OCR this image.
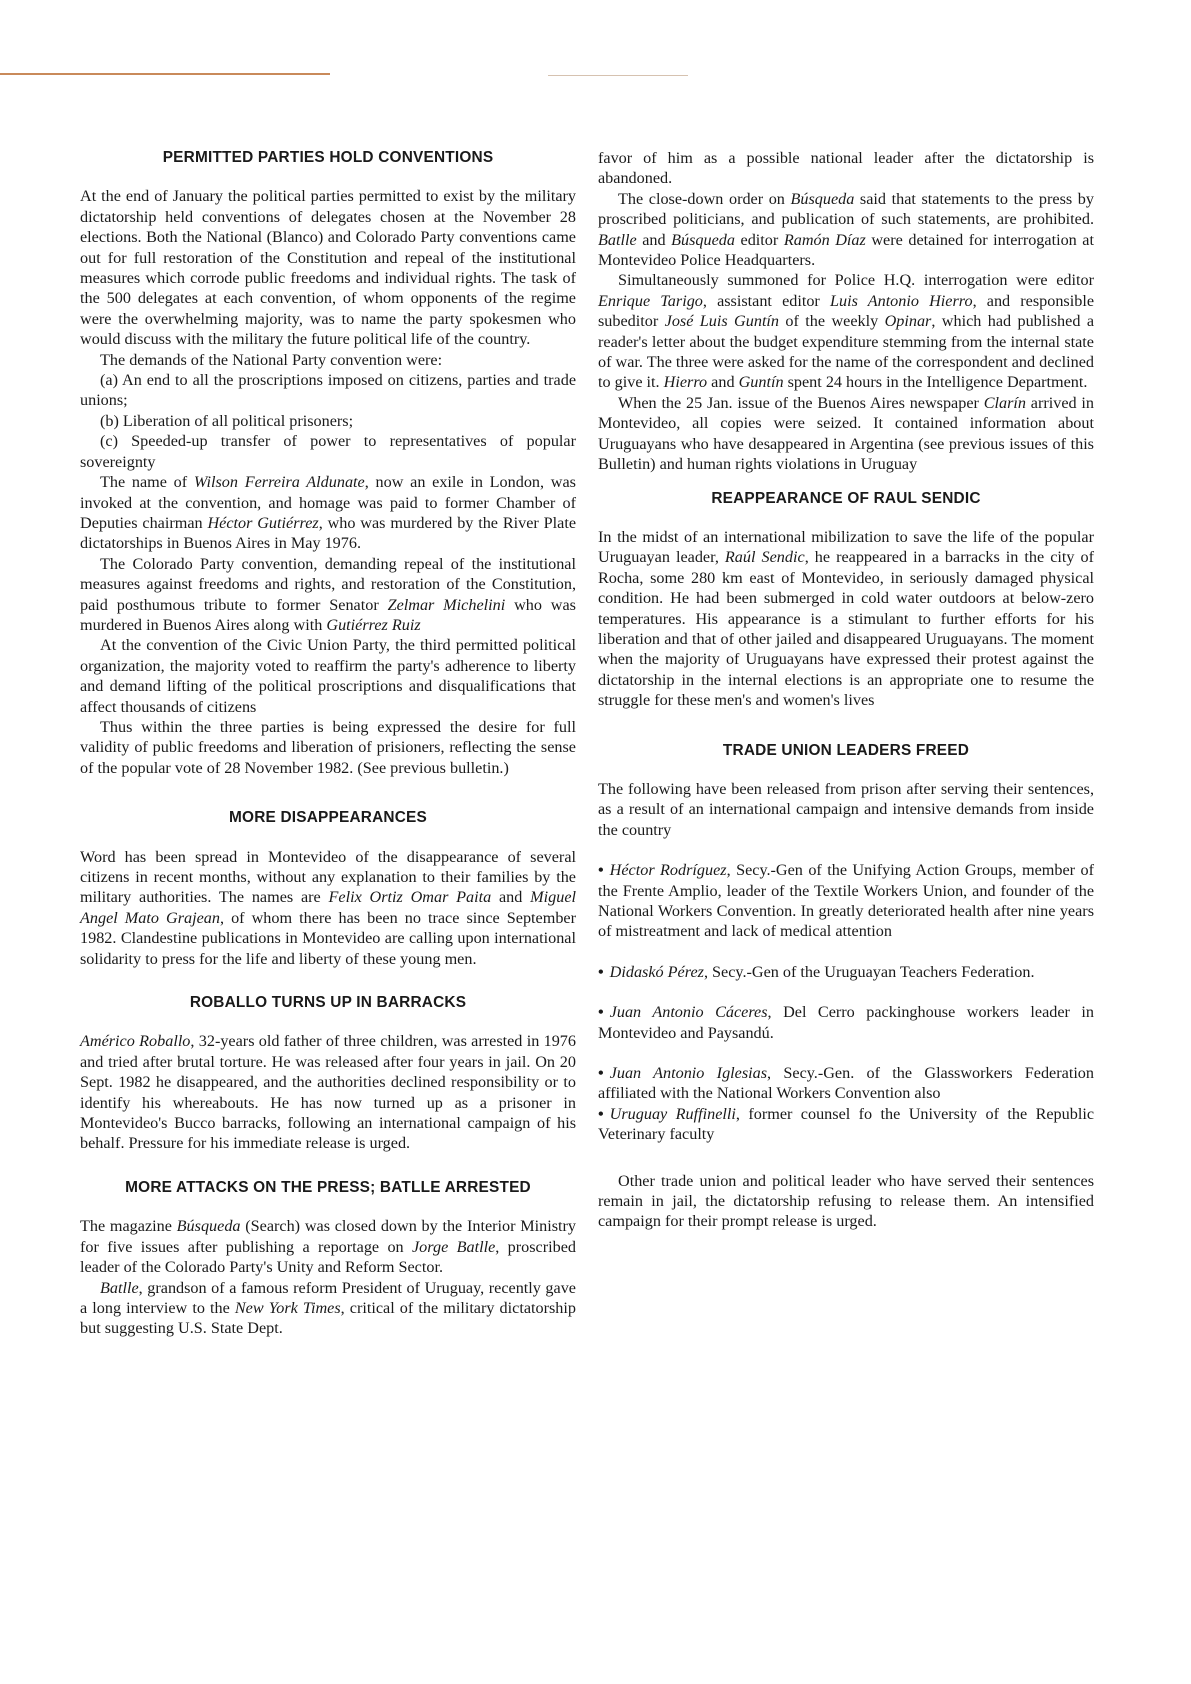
PERMITTED PARTIES HOLD CONVENTIONS

At the end of January the political parties permitted to exist by the military dictatorship held conventions of delegates chosen at the November 28 elections. Both the National (Blanco) and Colorado Party conventions came out for full restoration of the Constitution and repeal of the institutional measures which corrode public freedoms and individual rights. The task of the 500 delegates at each convention, of whom opponents of the regime were the overwhelming majority, was to name the party spokesmen who would discuss with the military the future political life of the country.

The demands of the National Party convention were:

(a) An end to all the proscriptions imposed on citizens, parties and trade unions;

(b) Liberation of all political prisoners;

(c) Speeded-up transfer of power to representatives of popular sovereignty

The name of Wilson Ferreira Aldunate, now an exile in London, was invoked at the convention, and homage was paid to former Chamber of Deputies chairman Héctor Gutiérrez, who was murdered by the River Plate dictatorships in Buenos Aires in May 1976.

The Colorado Party convention, demanding repeal of the institutional measures against freedoms and rights, and restoration of the Constitution, paid posthumous tribute to former Senator Zelmar Michelini who was murdered in Buenos Aires along with Gutiérrez Ruiz

At the convention of the Civic Union Party, the third permitted political organization, the majority voted to reaffirm the party's adherence to liberty and demand lifting of the political proscriptions and disqualifications that affect thousands of citizens

Thus within the three parties is being expressed the desire for full validity of public freedoms and liberation of prisioners, reflecting the sense of the popular vote of 28 November 1982. (See previous bulletin.)

MORE DISAPPEARANCES

Word has been spread in Montevideo of the disappearance of several citizens in recent months, without any explanation to their families by the military authorities. The names are Felix Ortiz Omar Paita and Miguel Angel Mato Grajean, of whom there has been no trace since September 1982. Clandestine publications in Montevideo are calling upon international solidarity to press for the life and liberty of these young men.

ROBALLO TURNS UP IN BARRACKS

Américo Roballo, 32-years old father of three children, was arrested in 1976 and tried after brutal torture. He was released after four years in jail. On 20 Sept. 1982 he disappeared, and the authorities declined responsibility or to identify his whereabouts. He has now turned up as a prisoner in Montevideo's Bucco barracks, following an international campaign of his behalf. Pressure for his immediate release is urged.

MORE ATTACKS ON THE PRESS; BATLLE ARRESTED

The magazine Búsqueda (Search) was closed down by the Interior Ministry for five issues after publishing a reportage on Jorge Batlle, proscribed leader of the Colorado Party's Unity and Reform Sector.

Batlle, grandson of a famous reform President of Uruguay, recently gave a long interview to the New York Times, critical of the military dictatorship but suggesting U.S. State Dept.

favor of him as a possible national leader after the dictatorship is abandoned.

The close-down order on Búsqueda said that statements to the press by proscribed politicians, and publication of such statements, are prohibited. Batlle and Búsqueda editor Ramón Díaz were detained for interrogation at Montevideo Police Headquarters.

Simultaneously summoned for Police H.Q. interrogation were editor Enrique Tarigo, assistant editor Luis Antonio Hierro, and responsible subeditor José Luis Guntín of the weekly Opinar, which had published a reader's letter about the budget expenditure stemming from the internal state of war. The three were asked for the name of the correspondent and declined to give it. Hierro and Guntín spent 24 hours in the Intelligence Department.

When the 25 Jan. issue of the Buenos Aires newspaper Clarín arrived in Montevideo, all copies were seized. It contained information about Uruguayans who have desappeared in Argentina (see previous issues of this Bulletin) and human rights violations in Uruguay

REAPPEARANCE OF RAUL SENDIC

In the midst of an international mibilization to save the life of the popular Uruguayan leader, Raúl Sendic, he reappeared in a barracks in the city of Rocha, some 280 km east of Montevideo, in seriously damaged physical condition. He had been submerged in cold water outdoors at below-zero temperatures. His appearance is a stimulant to further efforts for his liberation and that of other jailed and disappeared Uruguayans. The moment when the majority of Uruguayans have expressed their protest against the dictatorship in the internal elections is an appropriate one to resume the struggle for these men's and women's lives

TRADE UNION LEADERS FREED

The following have been released from prison after serving their sentences, as a result of an international campaign and intensive demands from inside the country

• Héctor Rodríguez, Secy.-Gen of the Unifying Action Groups, member of the Frente Amplio, leader of the Textile Workers Union, and founder of the National Workers Convention. In greatly deteriorated health after nine years of mistreatment and lack of medical attention

• Didaskó Pérez, Secy.-Gen of the Uruguayan Teachers Federation.

• Juan Antonio Cáceres, Del Cerro packinghouse workers leader in Montevideo and Paysandú.

• Juan Antonio Iglesias, Secy.-Gen. of the Glassworkers Federation affiliated with the National Workers Convention also

• Uruguay Ruffinelli, former counsel fo the University of the Republic Veterinary faculty

Other trade union and political leader who have served their sentences remain in jail, the dictatorship refusing to release them. An intensified campaign for their prompt release is urged.
